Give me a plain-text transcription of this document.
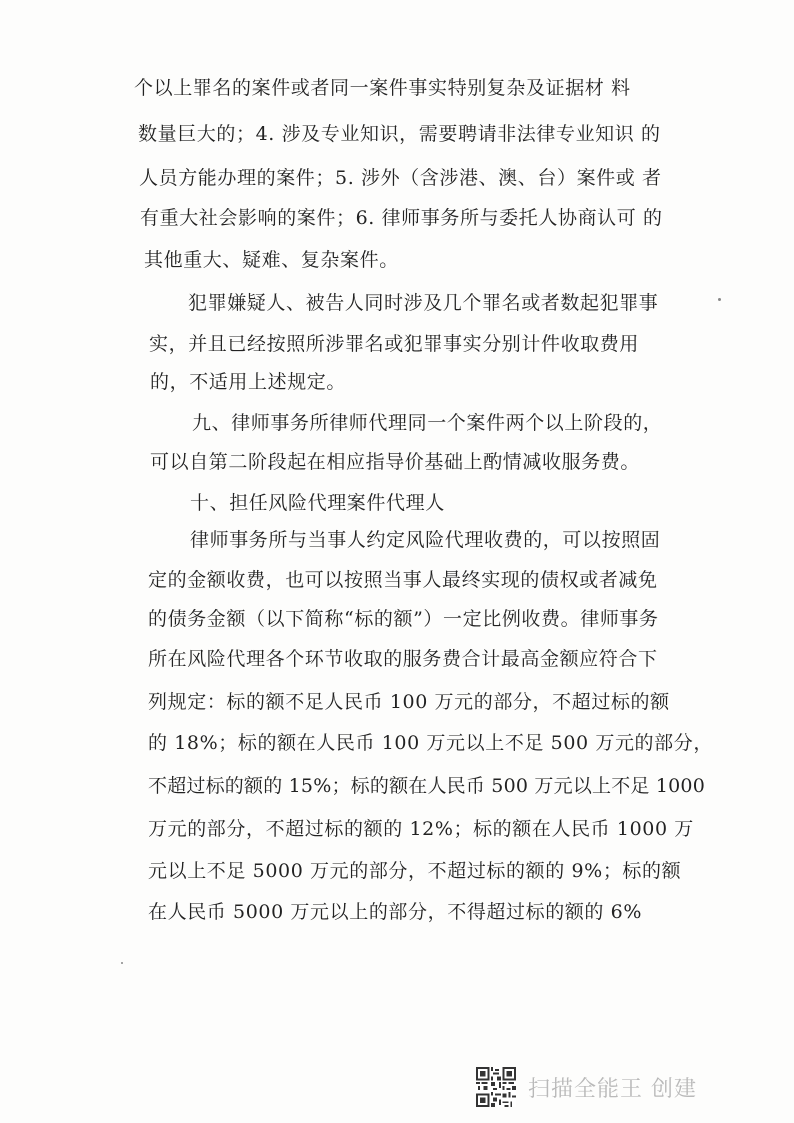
个以上罪名的案件或者同一案件事实特别复杂及证据材 料
数量巨大的；4. 涉及专业知识，需要聘请非法律专业知识 的
人员方能办理的案件；5. 涉外（含涉港、澳、台）案件或 者
有重大社会影响的案件；6. 律师事务所与委托人协商认可 的
其他重大、疑难、复杂案件。
犯罪嫌疑人、被告人同时涉及几个罪名或者数起犯罪事
实，并且已经按照所涉罪名或犯罪事实分别计件收取费用
的，不适用上述规定。
九、律师事务所律师代理同一个案件两个以上阶段的，
可以自第二阶段起在相应指导价基础上酌情减收服务费。
十、担任风险代理案件代理人
律师事务所与当事人约定风险代理收费的，可以按照固
定的金额收费，也可以按照当事人最终实现的债权或者减免
的债务金额（以下简称“标的额”）一定比例收费。律师事务
所在风险代理各个环节收取的服务费合计最高金额应符合下
列规定：标的额不足人民币 100 万元的部分，不超过标的额
的 18%；标的额在人民币 100 万元以上不足 500 万元的部分，
不超过标的额的 15%；标的额在人民币 500 万元以上不足 1000
万元的部分，不超过标的额的 12%；标的额在人民币 1000 万
元以上不足 5000 万元的部分，不超过标的额的 9%；标的额
在人民币 5000 万元以上的部分，不得超过标的额的 6%
扫描全能王 创建
